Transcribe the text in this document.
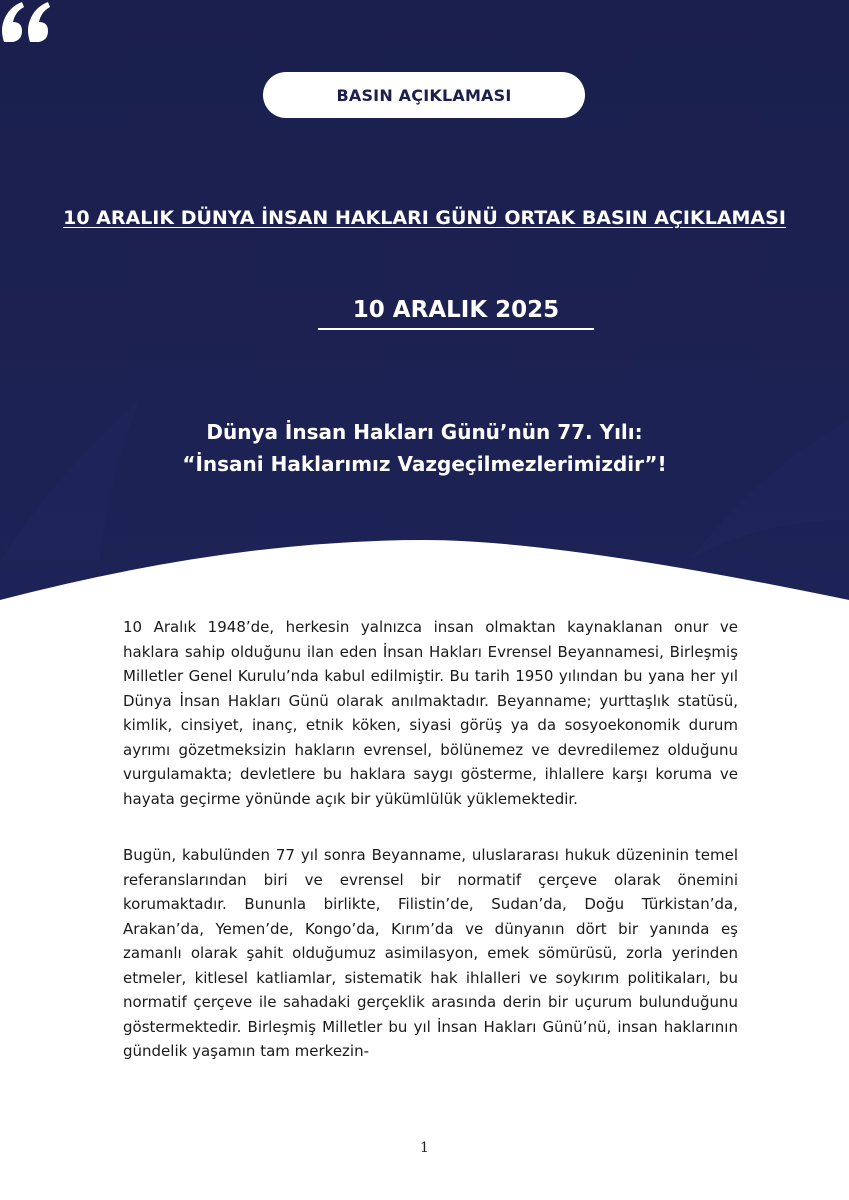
BASIN AÇIKLAMASI
10 ARALIK DÜNYA İNSAN HAKLARI GÜNÜ ORTAK BASIN AÇIKLAMASI
10 ARALIK 2025
Dünya İnsan Hakları Günü’nün 77. Yılı:
“İnsani Haklarımız Vazgeçilmezlerimizdir”!

10 Aralık 1948’de, herkesin yalnızca insan olmaktan kaynaklanan onur ve haklara sahip olduğunu ilan eden İnsan Hakları Evrensel Beyannamesi, Birleşmiş Milletler Genel Kurulu’nda kabul edilmiştir. Bu tarih 1950 yılından bu yana her yıl Dünya İnsan Hakları Günü olarak anılmaktadır. Beyanname; yurttaşlık statüsü, kimlik, cinsiyet, inanç, etnik köken, siyasi görüş ya da sosyoekonomik durum ayrımı gözetmeksizin hakların evrensel, bölünemez ve devredilemez olduğunu vurgulamakta; devletlere bu haklara saygı gösterme, ihlallere karşı koruma ve hayata geçirme yönünde açık bir yükümlülük yüklemektedir.

Bugün, kabulünden 77 yıl sonra Beyanname, uluslararası hukuk düzeninin temel referanslarından biri ve evrensel bir normatif çerçeve olarak önemini korumaktadır. Bununla birlikte, Filistin’de, Sudan’da, Doğu Türkistan’da, Arakan’da, Yemen’de, Kongo’da, Kırım’da ve dünyanın dört bir yanında eş zamanlı olarak şahit olduğumuz asimilasyon, emek sömürüsü, zorla yerinden etmeler, kitlesel katliamlar, sistematik hak ihlalleri ve soykırım politikaları, bu normatif çerçeve ile sahadaki gerçeklik arasında derin bir uçurum bulunduğunu göstermektedir. Birleşmiş Milletler bu yıl İnsan Hakları Günü’nü, insan haklarının gündelik yaşamın tam merkezin-

1
